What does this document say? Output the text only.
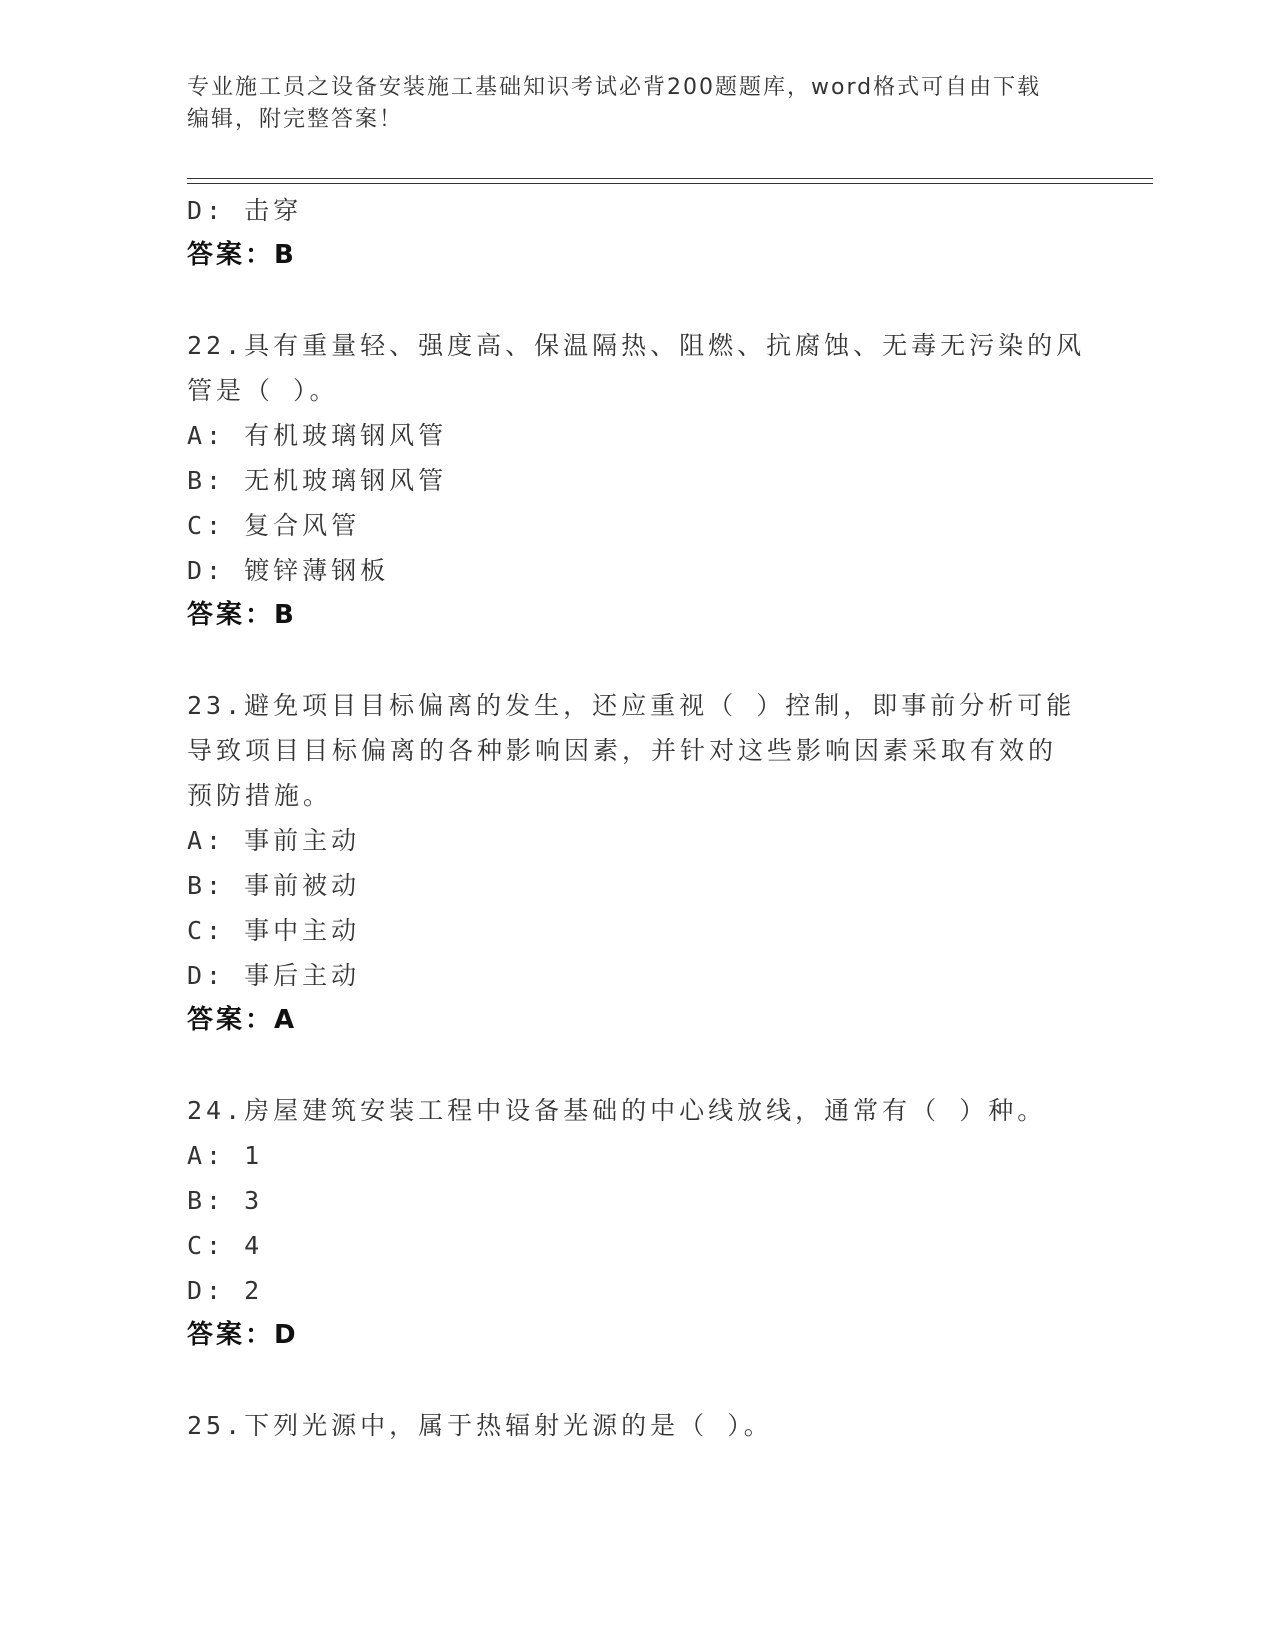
专业施工员之设备安装施工基础知识考试必背200题题库，word格式可自由下载
编辑，附完整答案！
D: 击穿
答案：B
22.具有重量轻、强度高、保温隔热、阻燃、抗腐蚀、无毒无污染的风
管是（ ）。
A: 有机玻璃钢风管
B: 无机玻璃钢风管
C: 复合风管
D: 镀锌薄钢板
答案：B
23.避免项目目标偏离的发生，还应重视（ ）控制，即事前分析可能
导致项目目标偏离的各种影响因素，并针对这些影响因素采取有效的
预防措施。
A: 事前主动
B: 事前被动
C: 事中主动
D: 事后主动
答案：A
24.房屋建筑安装工程中设备基础的中心线放线，通常有（ ）种。
A: 1
B: 3
C: 4
D: 2
答案：D
25.下列光源中，属于热辐射光源的是（ ）。
